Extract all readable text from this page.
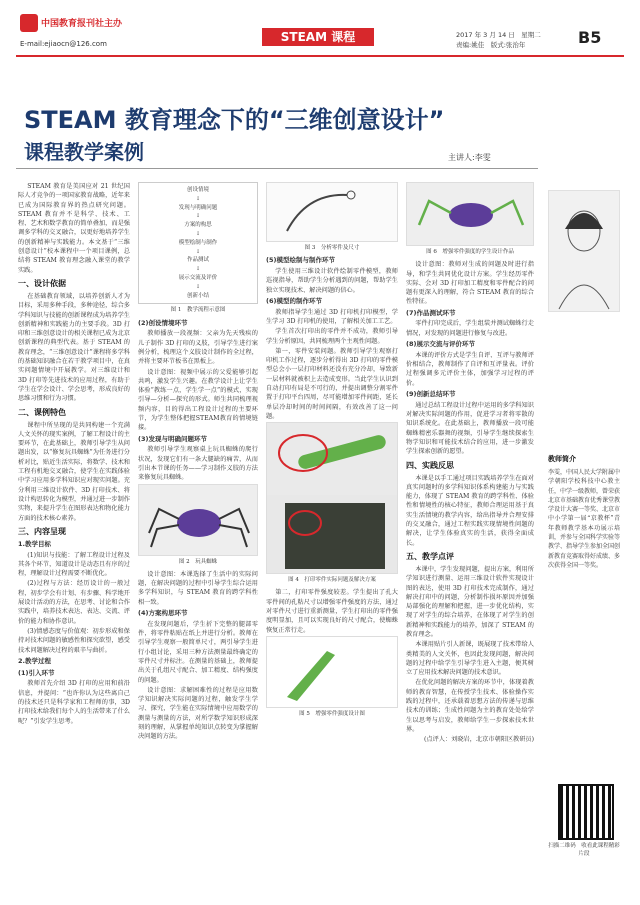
中国教育报刊社主办
E-mail:ejiaocn@126.com	STEAM 课程	2017 年 3 月 14 日　星期二
责编:姚佳　版式:张治年	B5
STEAM 教育理念下的“三维创意设计”
课程教学案例	主讲人:李雯

STEAM 教育是美国应对 21 世纪国际人才竞争的一项国家教育战略，近年来已成为国际教育界的热点研究问题。STEAM 教育并不是科学、技术、工程、艺术和数学教育的简单叠加，而是强调多学科的交叉融合，以更好地培养学生的创新精神与实践能力。本文基于“三维创意设计”校本课程中一个项目课例，总结将 STEAM 教育理念融入课堂的教学实践。

一、设计依据

在基础教育领域，以培养创新人才为目标，采用多种手段，多种途径，综合多学科知识与技能的创新课程成为培养学生创新精神和实践能力的主要手段。3D 打印和三维创意设计的相关课程已成为北京创新课程的典型代表。基于 STEAM 的教育理念，“三维创意设计”课程将多学科的基础知识融合在若干教学项目中，在真实问题情境中开展教学。对三维设计和 3D 打印等先进技术的应用过程，有助于学生在学会设计、学会思考，形成良好的思维习惯和行为习惯。

二、课例特色

课程中所呈现的是共同构建一个充满人文关怀的现实案例，了解工程设计的主要环节，在此基础上，教师引导学生从问题出发，以“修复玩具蜘蛛”为任务进行分析对比，贴近生活实际，将数学、技术和工程有机地交叉融合，使学生在实践体验中学习应用多学科知识应对现实问题。充分利用三维设计软件、3D 打印技术、将设计构思转化为模型，并通过进一步制作实物，来提升学生在图形表达和物化能力方面的技术核心素养。

三、内容呈现
1.教学目标

(1)知识与技能：了解工程设计过程及其各个环节，知道设计是动态且有序的过程，理解设计过程需要不断优化。

(2)过程与方法：经历设计的一般过程，初步学会有计划、有步骤、科学地开展设计活动的方法，在思考、讨论和合作实践中，培养技术表达、表达、交流、评价的能力和协作意识。

(3)情感态度与价值观：初步形成和保持对技术问题的敏感性和探究欲望，感受技术问题解决过程的艰辛与曲折。

2.教学过程
(1)引入环节

教师首先介绍 3D 打印的应用和前沿信息，并提问：“也许你认为这些离自己的技术还只是科学家和工程师的事，3D 打印技术给我们每个人的生活带来了什么呢？”引发学生思考。

创设情境
↓
发现与明确问题
↓
方案的构思
↓
模型绘制与制作
↓
作品测试
↓
展示交流及评价
↓
创新小结
图 1　教学流程示意图
(2)创设情境环节

教师播放一段视频：父亲为先天残疾的儿子制作 3D 打印的义肢，引导学生进行案例分析，梳理这个义肢设计制作的全过程，并将主要环节板书在黑板上。

设计意图：视频中展示的父爱能够引起共鸣，激发学生兴趣。在教学设计上让学生体验“教练一点，学生学一点”的模式，实现引导—分析—探究的形式。师生共同梳理视频内容，目的得出工程设计过程的主要环节，为学生整体把握STEAM教育的情境链接。

(3)发现与明确问题环节

教师引导学生观察桌上玩具蜘蛛的爬行状况，发现它们有一条大腿缺的痛苦，从而引出本节课的任务——学习制作义肢的方法来修复玩具蜘蛛。

图 2　玩具蜘蛛

设计意图：本课选择了生活中的实际问题，在解决问题的过程中引导学生综合运用多学科知识，与 STEAM 教育的跨学科性相一致。

(4)方案构思环节

在发现问题后，学生折下完整的腿部零件，将零件粘贴在纸上并进行分析。教师在引导学生观察一般简单尺寸，两引导学生进行小组讨论，采用三种方法测量最终确定的零件尺寸并标注。在测量的基础上，教师提出关于孔组尺寸配合、加工精度、结构强度的问题。

设计意图：求解困难性的过程是应用数学知识解决实际问题的过程，触发学生学习、探究，学生能在实际情境中应用数学的测量与测量的方法，对所学数学知识形成深刻的理解，从掌握单纯知识点转变为掌握解决问题的方法。

图 3　分析零件及尺寸
(5)模型绘制与制作环节

学生使用三维设计软件绘制零件模型，教师巡视指导，帮助学生分析遇到的问题，帮助学生独立实现技术、解决问题的信心。

(6)模型的制作环节

教师指导学生通过 3D 打印机打印模型，学生学习 3D 打印机的使用，了解相关加工工艺。

学生首次打印出的零件并不成功，教师引导学生分析原因，共同梳理两个主观性问题。

第一，零件安装问题。教师引导学生观察打印机工作过程，逐步分析得出 3D 打印的零件模型总会小一层打印材料还没有充分冷却，导致新一层材料就被积上去造成变形。当此学生认识到自动打印有局是不可行的，并提出调整分割零件置于打印平台四周，尽可能增加零件间距，延长单层冷却时间的时间间隔，有效改善了这一问题。

图 4　打印零件实际问题及解决方案

第二，打印零件强度较差。学生提出了孔大零件间的孔粘尺寸以增强零件强度的方法，通过对零件尺寸进行重新测量，学生打印出的零件强度明显加，且可以实现良好的尺寸配合，使蜘蛛恢复正常行走。

图 5　增强零件强度设计图
图 6　增强零件强度的学生设计作品

设计意图：教师对生成的问题及时进行指导，和学生共同优化设计方案。学生经历零件实际、会对 3D 打印加工精度和零件配合的问题有更深入的理解，符合 STEAM 教育的综合性特征。

(7)作品测试环节

零件打印完成后，学生组装并测试蜘蛛行走情况，对发现的问题进行修复与改进。

(8)展示交流与评价环节

本课的评价方式是学生自评、互评与教师评价相结合，教师制作了自评和互评量表。评价过程强调多元评价主体，加强学习过程的评价。

(9)创新总结环节

通过总结工程设计过程中运用的多学科知识对解决实际问题的作用，促进学习者将零散的知识系统化。在此基础上，教师播放一段可能蜘蛛精密乐器舞的视频，引导学生继续探索生物学知识和可能技术结合的应用，进一步激发学生探索创新的愿望。

四、实践反思

本课是以手工通过项目实践培养学生在面对真实问题时的多学科知识体系构建能力与实践能力，体现了 STEAM 教育的跨学科性、体验性和情境性的核心特征，教师合理运用基于真实生活情境的教学内容，给出指导并合理安排的交叉融合，通过工程实践实现情境性问题的解决，让学生体验真实的生活，获得全面成长。

五、教学点评

本课中，学生发现问题，提出方案，利用所学知识进行测量、运用三维设计软件实现设计图的表达，使用 3D 打印技术完成制作，通过解决打印中的问题，分析制作损坏原因并加强局部强化的理解和把握，进一步优化结构，实现了对学生的综合培养，在体现了对学生的创新精神和实践能力的培养，加深了 STEAM 的教育理念。

本课用贴片引人新课，既展现了技术带给人类精美的人文关怀，也因此发现问题，解决问题的过程中给学生引导学生进入主题，便其树立了应用技术解决问题的技术意识。

在优化问题的解决方案的环节中，体现着教师的教育智慧，在传授学生技术、体验操作实践的过程中，还承载着思想方法的传递与思维技术的训练；生成性问题为主的教育处处给学生以思考与启发，教师给学生一步探索技术世界。

(点评人：刘晓岩，北京市朝阳区教研员)

教师简介
李雯，中国人民大学附属中学朝阳学校科技中心教主任，中学一级教师，曾荣获北京市基础教育优秀课堂教学设计大赛一等奖、北京市中小学第一届“京教杯”青年教师教学基本功展示培训，并参与全国科学实验等教学、指导学生参加全国创新教育竞赛取得好成绩、多次获得全国一等奖。
扫描二维码　收看此课程精彩片段
